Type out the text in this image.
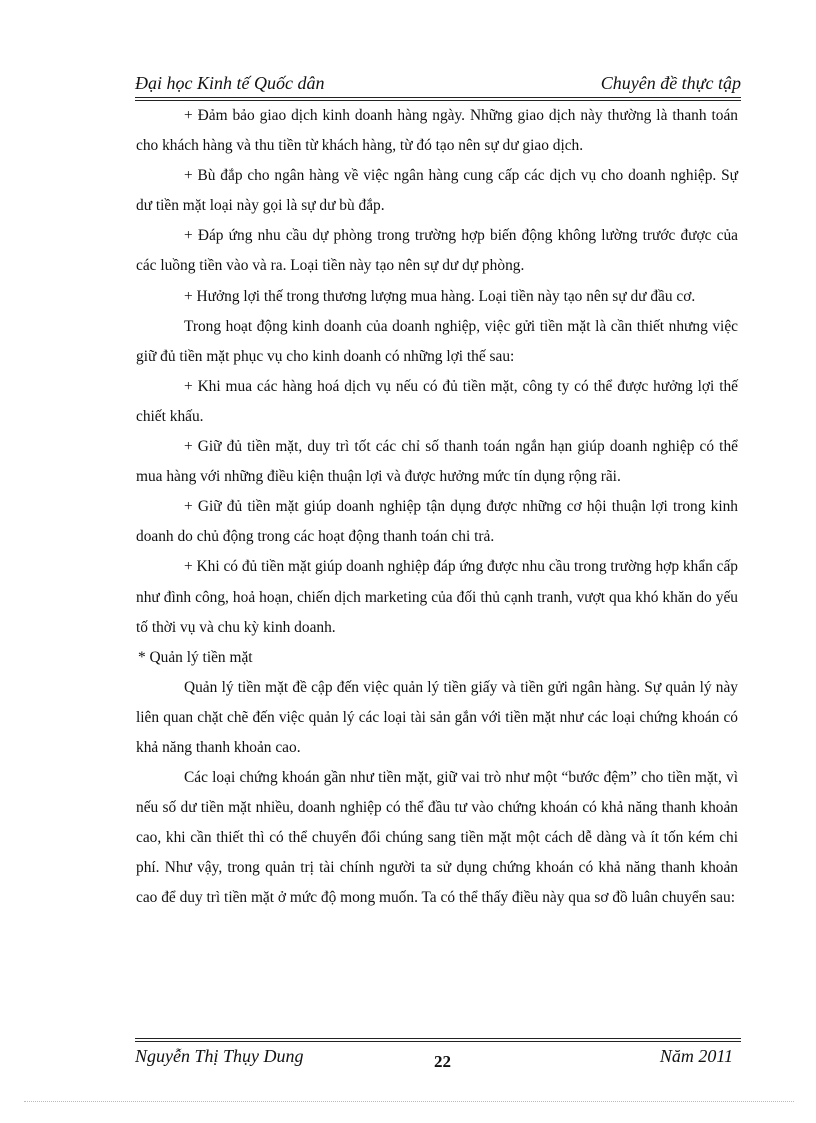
Đại học Kinh tế Quốc dân	Chuyên đề thực tập

+ Đảm bảo giao dịch kinh doanh hàng ngày. Những giao dịch này thường là thanh toán cho khách hàng và thu tiền từ khách hàng, từ đó tạo nên sự dư giao dịch.

+ Bù đắp cho ngân hàng về việc ngân hàng cung cấp các dịch vụ cho doanh nghiệp. Sự dư tiền mặt loại này gọi là sự dư bù đắp.

+ Đáp ứng nhu cầu dự phòng trong trường hợp biến động không lường trước được của các luồng tiền vào và ra. Loại tiền này tạo nên sự dư dự phòng.

+ Hưởng lợi thế trong thương lượng mua hàng. Loại tiền này tạo nên sự dư đầu cơ.

Trong hoạt động kinh doanh của doanh nghiệp, việc gửi tiền mặt là cần thiết nhưng việc giữ đủ tiền mặt phục vụ cho kinh doanh có những lợi thế sau:

+ Khi mua các hàng hoá dịch vụ nếu có đủ tiền mặt, công ty có thể được hưởng lợi thế chiết khấu.

+ Giữ đủ tiền mặt, duy trì tốt các chỉ số thanh toán ngắn hạn giúp doanh nghiệp có thể mua hàng với những điều kiện thuận lợi và được hưởng mức tín dụng rộng rãi.

+ Giữ đủ tiền mặt giúp doanh nghiệp tận dụng được những cơ hội thuận lợi trong kinh doanh do chủ động trong các hoạt động thanh toán chi trả.

+ Khi có đủ tiền mặt giúp doanh nghiệp đáp ứng được nhu cầu trong trường hợp khẩn cấp như đình công, hoả hoạn, chiến dịch marketing của đối thủ cạnh tranh, vượt qua khó khăn do yếu tố thời vụ và chu kỳ kinh doanh.

* Quản lý tiền mặt

Quản lý tiền mặt đề cập đến việc quản lý tiền giấy và tiền gửi ngân hàng. Sự quản lý này liên quan chặt chẽ đến việc quản lý các loại tài sản gắn với tiền mặt như các loại chứng khoán có khả năng thanh khoản cao.

Các loại chứng khoán gần như tiền mặt, giữ vai trò như một “bước đệm” cho tiền mặt, vì nếu số dư tiền mặt nhiều, doanh nghiệp có thể đầu tư vào chứng khoán có khả năng thanh khoản cao, khi cần thiết thì có thể chuyển đổi chúng sang tiền mặt một cách dễ dàng và ít tốn kém chi phí. Như vậy, trong quản trị tài chính người ta sử dụng chứng khoán có khả năng thanh khoản cao để duy trì tiền mặt ở mức độ mong muốn. Ta có thể thấy điều này qua sơ đồ luân chuyển sau:

Nguyễn Thị Thụy Dung	22	Năm 2011
